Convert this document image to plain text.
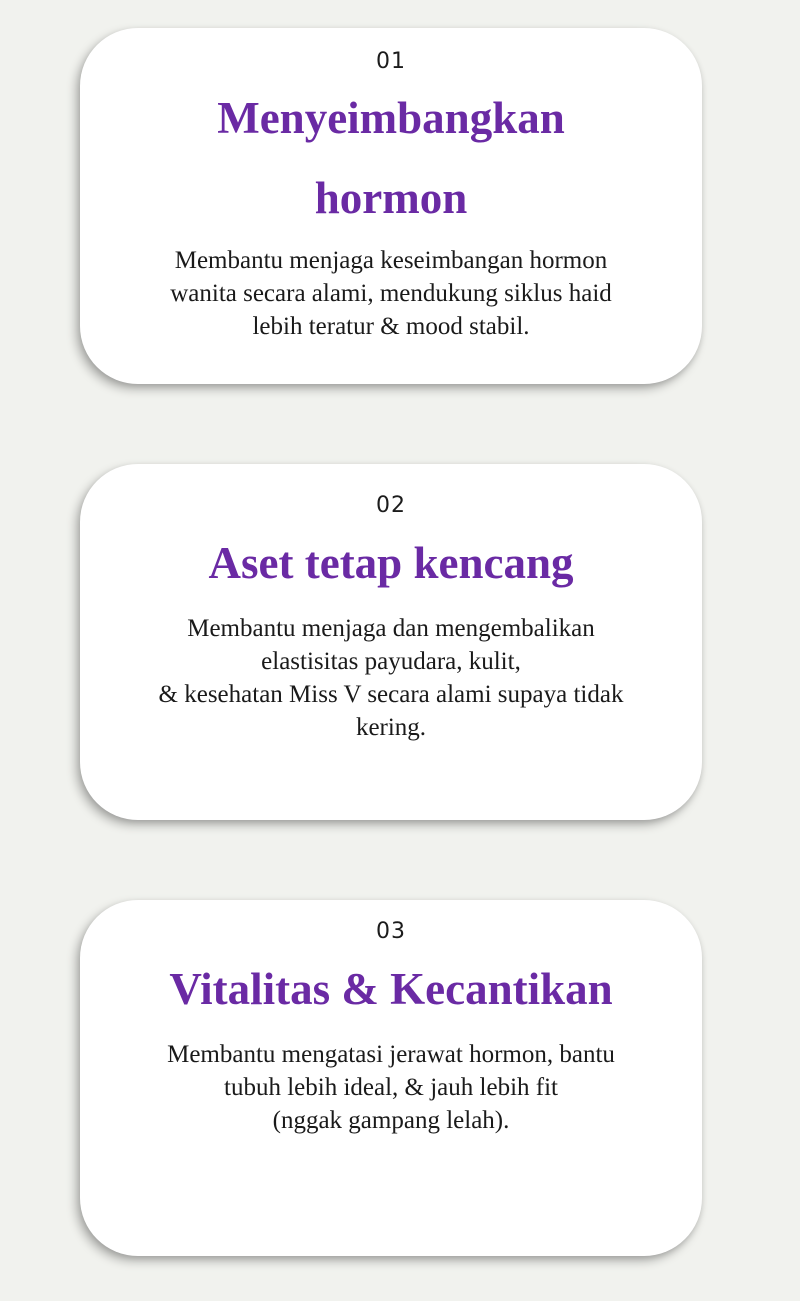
01
Menyeimbangkan hormon
Membantu menjaga keseimbangan hormon
wanita secara alami, mendukung siklus haid
lebih teratur & mood stabil.
02
Aset tetap kencang
Membantu menjaga dan mengembalikan
elastisitas payudara, kulit,
& kesehatan Miss V secara alami supaya tidak
kering.
03
Vitalitas & Kecantikan
Membantu mengatasi jerawat hormon, bantu
tubuh lebih ideal, & jauh lebih fit
(nggak gampang lelah).
